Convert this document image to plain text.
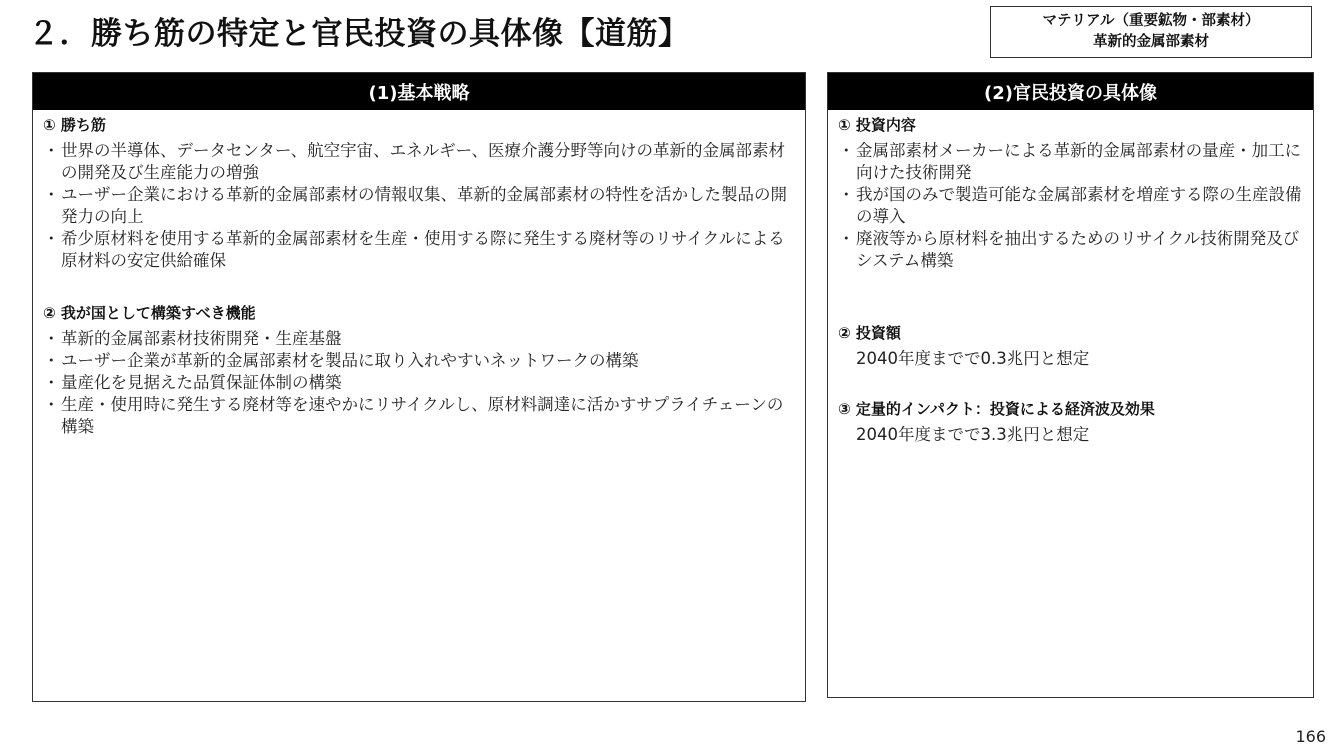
２．勝ち筋の特定と官民投資の具体像【道筋】	マテリアル（重要鉱物・部素材）
革新的金属部素材
(1)基本戦略

① 勝ち筋

・ 世界の半導体、データセンター、航空宇宙、エネルギー、医療介護分野等向けの革新的金属部素材の開発及び生産能力の増強
・ ユーザー企業における革新的金属部素材の情報収集、革新的金属部素材の特性を活かした製品の開発力の向上
・ 希少原材料を使用する革新的金属部素材を生産・使用する際に発生する廃材等のリサイクルによる原材料の安定供給確保

② 我が国として構築すべき機能

・ 革新的金属部素材技術開発・生産基盤
・ ユーザー企業が革新的金属部素材を製品に取り入れやすいネットワークの構築
・ 量産化を見据えた品質保証体制の構築
・ 生産・使用時に発生する廃材等を速やかにリサイクルし、原材料調達に活かすサプライチェーンの構築
(2)官民投資の具体像

① 投資内容

・ 金属部素材メーカーによる革新的金属部素材の量産・加工に向けた技術開発
・ 我が国のみで製造可能な金属部素材を増産する際の生産設備の導入
・ 廃液等から原材料を抽出するためのリサイクル技術開発及びシステム構築

② 投資額

2040年度までで0.3兆円と想定

③ 定量的インパクト：投資による経済波及効果

2040年度までで3.3兆円と想定
166
